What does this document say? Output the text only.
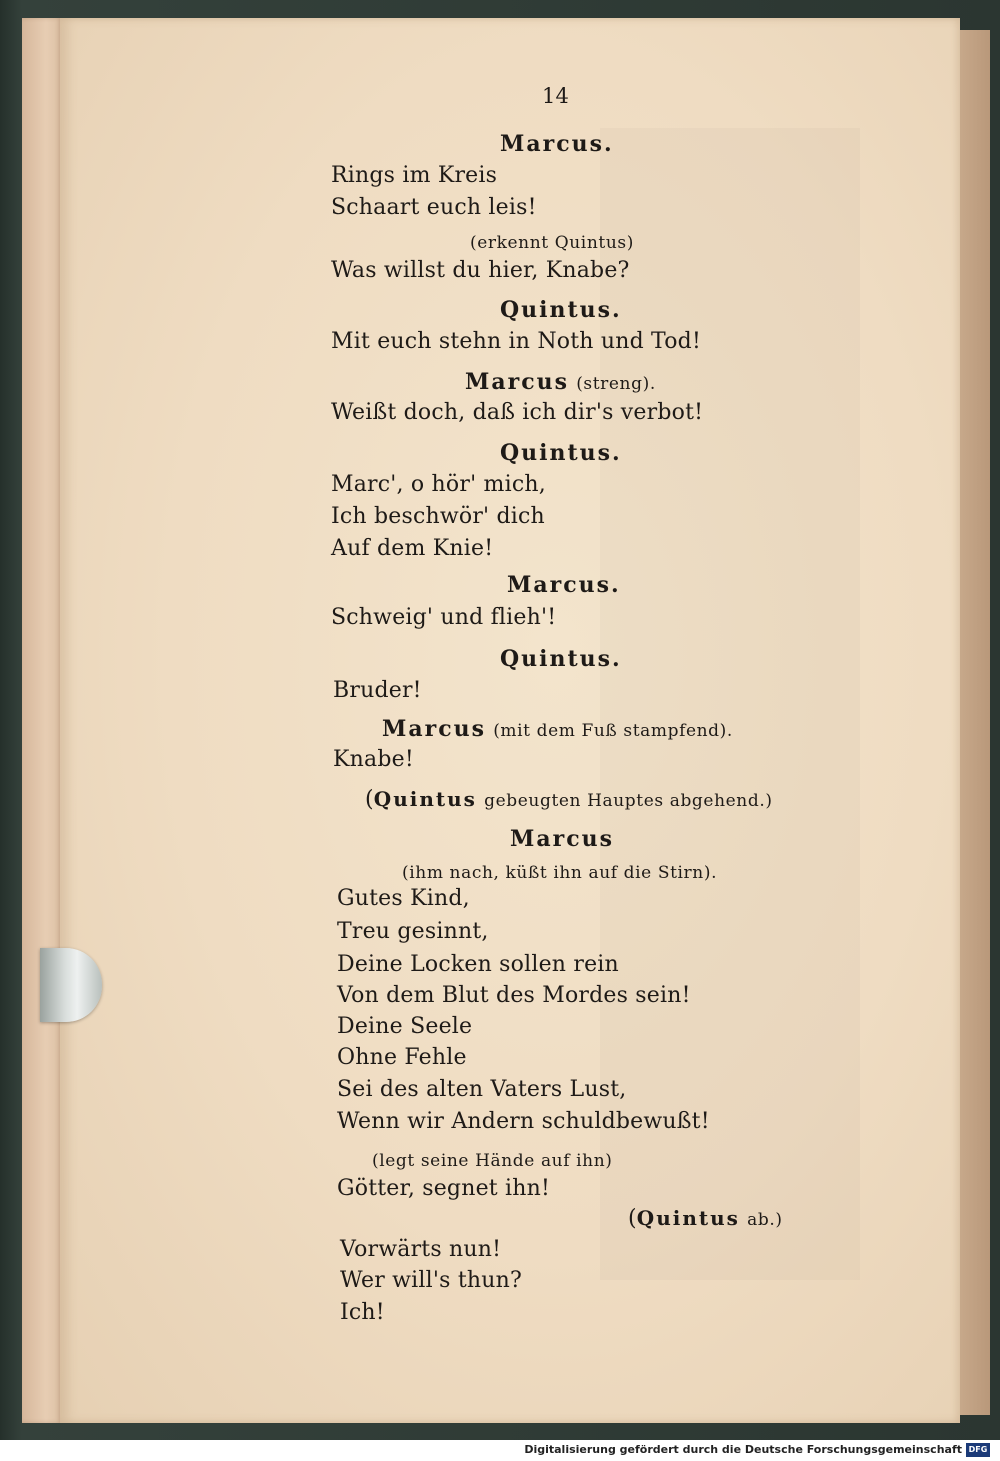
14
Marcus.
Rings im Kreis
Schaart euch leis!
(erkennt Quintus)
Was willst du hier, Knabe?
Quintus.
Mit euch stehn in Noth und Tod!
Marcus (streng).
Weißt doch, daß ich dir's verbot!
Quintus.
Marc', o hör' mich,
Ich beschwör' dich
Auf dem Knie!
Marcus.
Schweig' und flieh'!
Quintus.
Bruder!
Marcus (mit dem Fuß stampfend).
Knabe!
(Quintus gebeugten Hauptes abgehend.)
Marcus
(ihm nach, küßt ihn auf die Stirn).
Gutes Kind,
Treu gesinnt,
Deine Locken sollen rein
Von dem Blut des Mordes sein!
Deine Seele
Ohne Fehle
Sei des alten Vaters Lust,
Wenn wir Andern schuldbewußt!
(legt seine Hände auf ihn)
Götter, segnet ihn!
(Quintus ab.)
Vorwärts nun!
Wer will's thun?
Ich!
Digitalisierung gefördert durch die Deutsche Forschungsgemeinschaft DFG
